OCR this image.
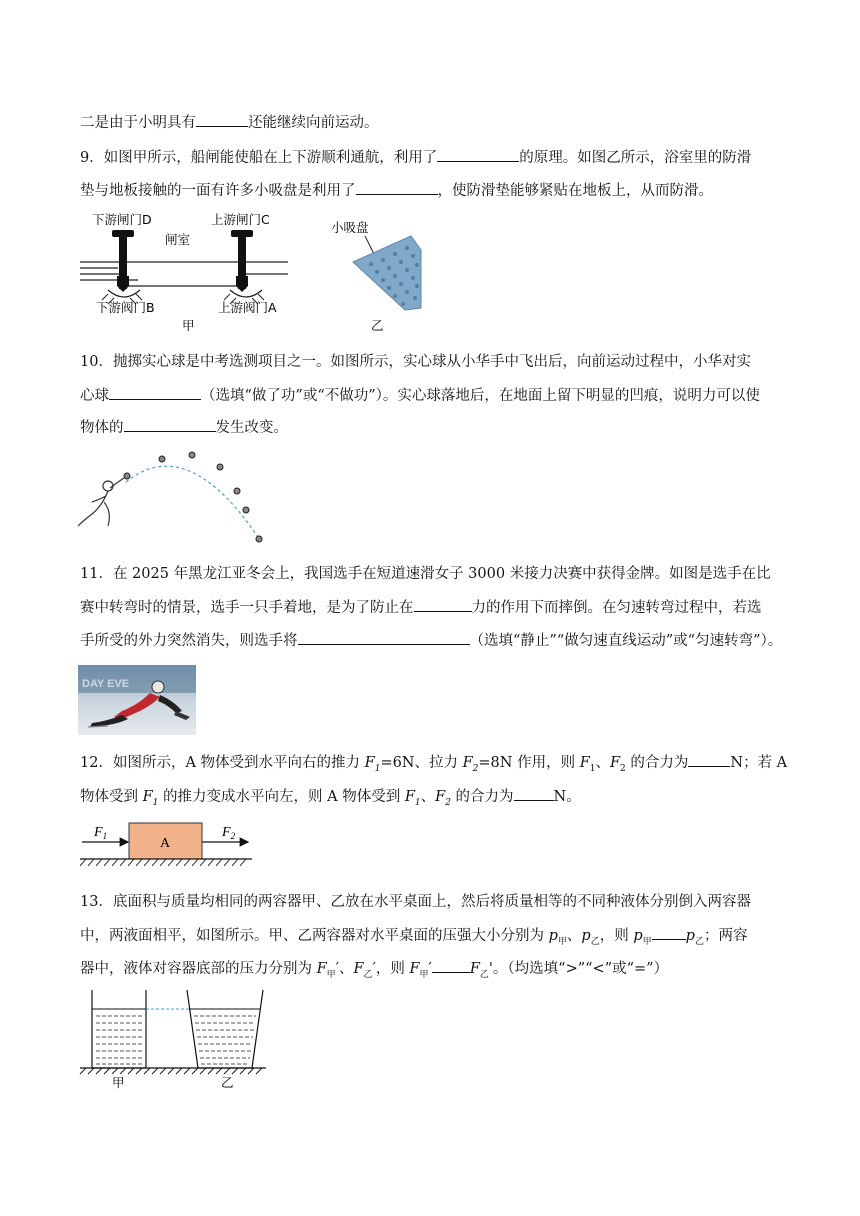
二是由于小明具有	还能继续向前运动。
9．如图甲所示，船闸能使船在上下游顺利通航，利用了	的原理。如图乙所示，浴室里的防滑
垫与地板接触的一面有许多小吸盘是利用了	，使防滑垫能够紧贴在地板上，从而防滑。
下游闸门D	上游闸门C
闸室
下游阀门B	上游阀门A
甲
小吸盘
乙
10．抛掷实心球是中考选测项目之一。如图所示，实心球从小华手中飞出后，向前运动过程中，小华对实
心球	（选填“做了功”或“不做功”）。实心球落地后，在地面上留下明显的凹痕，说明力可以使
物体的	发生改变。
11．在 2025 年黑龙江亚冬会上，我国选手在短道速滑女子 3000 米接力决赛中获得金牌。如图是选手在比
赛中转弯时的情景，选手一只手着地，是为了防止在	力的作用下而摔倒。在匀速转弯过程中，若选
手所受的外力突然消失，则选手将	（选填“静止”“做匀速直线运动”或“匀速转弯”）。
DAY EVE
12．如图所示，A 物体受到水平向右的推力 $F_1=6N$、拉力 $F_2=8N$ 作用，则 $F_1$、$F_2$ 的合力为	N；若 A
物体受到 $F_1$ 的推力变成水平向左，则 A 物体受到 $F_1$、$F_2$ 的合力为	N。
$F_1$	$F_2$
A
13．底面积与质量均相同的两容器甲、乙放在水平桌面上，然后将质量相等的不同种液体分别倒入两容器
中，两液面相平，如图所示。甲、乙两容器对水平桌面的压强大小分别为 $p_甲$、$p_乙$，则 $p_甲$ $p_乙$；两容
器中，液体对容器底部的压力分别为 $F_甲'$、$F_乙'$，则 $F_甲'$	$F_乙'$。（均选填“>”“<”或“=”）
甲	乙
